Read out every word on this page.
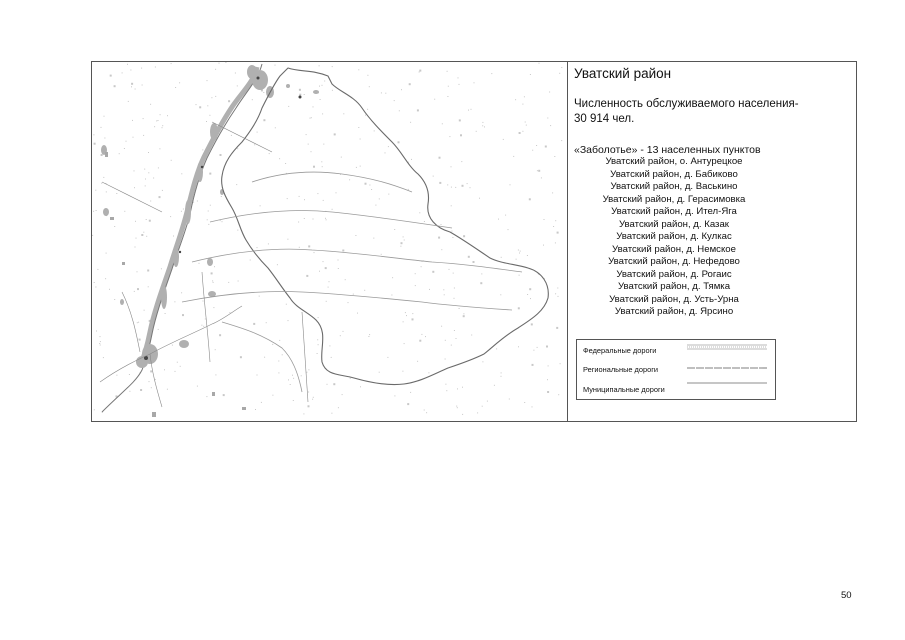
Уватский район
Численность обслуживаемого населения-
30 914 чел.
«Заболотье» - 13 населенных пунктов
Уватский район, о. Антурецкое
Уватский район, д. Бабиково
Уватский район, д. Васькино
Уватский район, д. Герасимовка
Уватский район, д. Ител-Яга
Уватский район, д. Казак
Уватский район, д. Кулкас
Уватский район, д. Немское
Уватский район, д. Нефедово
Уватский район, д. Рогаис
Уватский район, д. Тямка
Уватский район, д. Усть-Урна
Уватский район, д. Ярсино
Федеральные дороги
Региональные дороги
Муниципальные дороги
50
